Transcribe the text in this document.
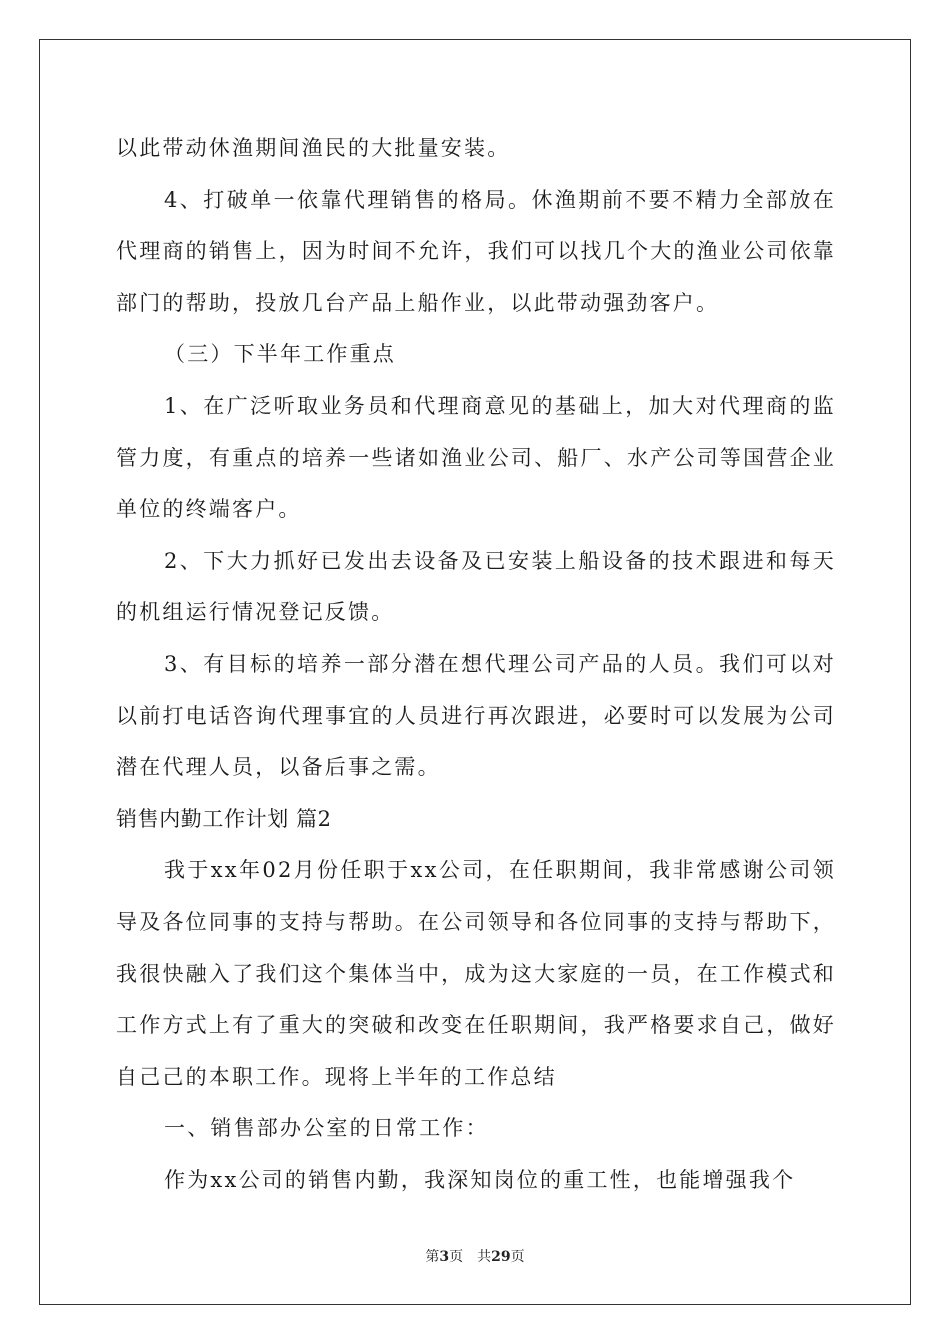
以此带动休渔期间渔民的大批量安装。

4、打破单一依靠代理销售的格局。休渔期前不要不精力全部放在代理商的销售上，因为时间不允许，我们可以找几个大的渔业公司依靠部门的帮助，投放几台产品上船作业，以此带动强劲客户。

（三）下半年工作重点

1、在广泛听取业务员和代理商意见的基础上，加大对代理商的监管力度，有重点的培养一些诸如渔业公司、船厂、水产公司等国营企业单位的终端客户。

2、下大力抓好已发出去设备及已安装上船设备的技术跟进和每天的机组运行情况登记反馈。

3、有目标的培养一部分潜在想代理公司产品的人员。我们可以对以前打电话咨询代理事宜的人员进行再次跟进，必要时可以发展为公司潜在代理人员，以备后事之需。

销售内勤工作计划 篇2

我于xx年02月份任职于xx公司，在任职期间，我非常感谢公司领导及各位同事的支持与帮助。在公司领导和各位同事的支持与帮助下，我很快融入了我们这个集体当中，成为这大家庭的一员，在工作模式和工作方式上有了重大的突破和改变在任职期间，我严格要求自己，做好自己己的本职工作。现将上半年的工作总结

一、销售部办公室的日常工作：

作为xx公司的销售内勤，我深知岗位的重工性，也能增强我个

第3页　共29页
